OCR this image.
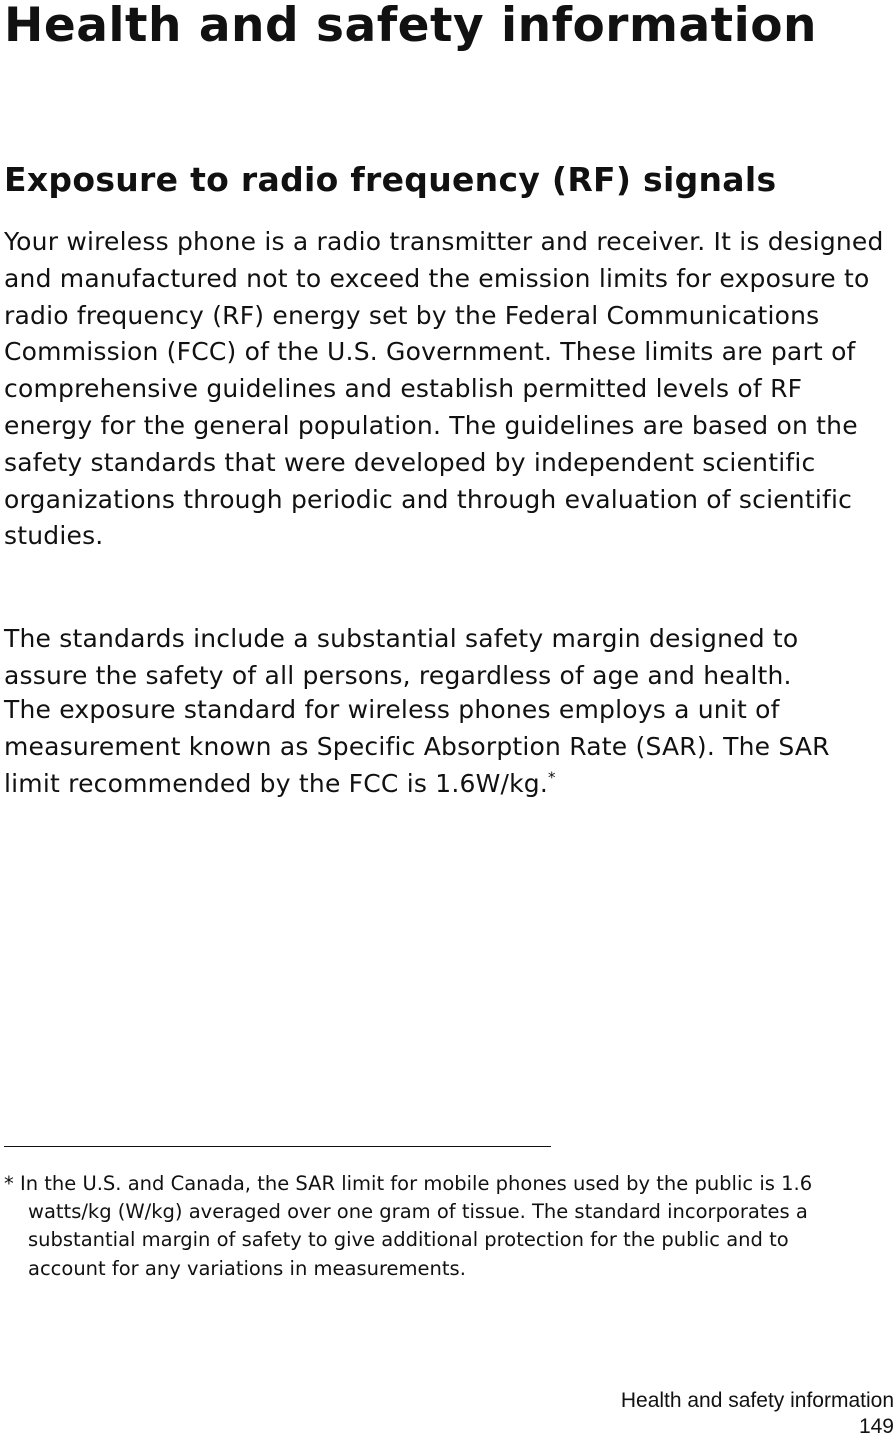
Health and safety information
Exposure to radio frequency (RF) signals

Your wireless phone is a radio transmitter and receiver. It is designed and manufactured not to exceed the emission limits for exposure to radio frequency (RF) energy set by the Federal Communications Commission (FCC) of the U.S. Government. These limits are part of comprehensive guidelines and establish permitted levels of RF energy for the general population. The guidelines are based on the safety standards that were developed by independent scientific organizations through periodic and through evaluation of scientific studies.

The standards include a substantial safety margin designed to assure the safety of all persons, regardless of age and health.

The exposure standard for wireless phones employs a unit of measurement known as Specific Absorption Rate (SAR). The SAR limit recommended by the FCC is 1.6W/kg.*

* In the U.S. and Canada, the SAR limit for mobile phones used by the public is 1.6 watts/kg (W/kg) averaged over one gram of tissue. The standard incorporates a substantial margin of safety to give additional protection for the public and to account for any variations in measurements.

Health and safety information
149
